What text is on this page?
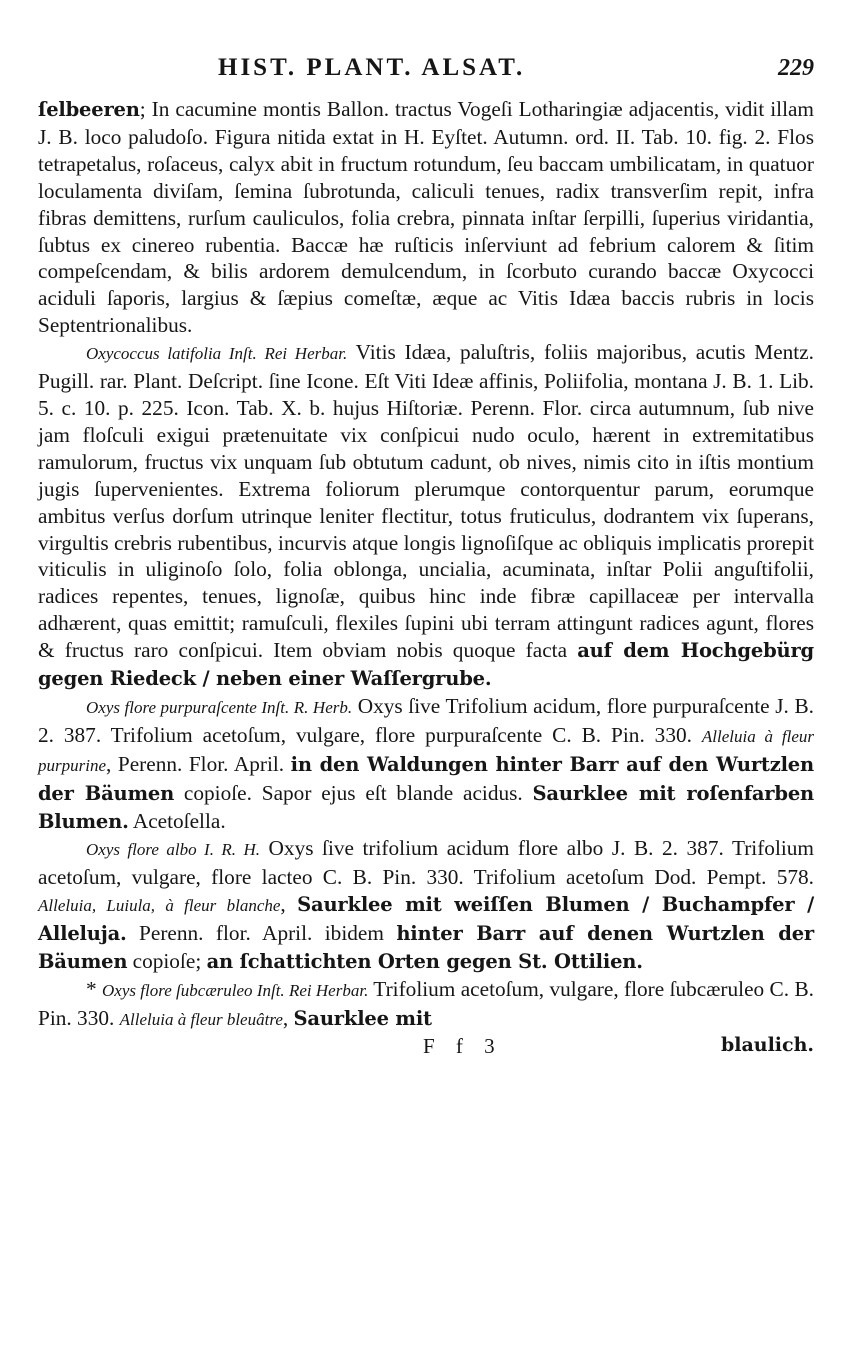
HIST. PLANT. ALSAT.	229

ſelbeeren; In cacumine montis Ballon. tractus Vogeſi Lotharingiæ adjacentis, vidit illam J. B. loco paludoſo. Figura nitida extat in H. Eyſtet. Autumn. ord. II. Tab. 10. fig. 2. Flos tetrapetalus, roſaceus, calyx abit in fructum rotundum, ſeu baccam umbilicatam, in quatuor loculamenta diviſam, ſemina ſubrotunda, caliculi tenues, radix transverſim repit, infra fibras demittens, rurſum cauliculos, folia crebra, pinnata inſtar ſerpilli, ſuperius viridantia, ſubtus ex cinereo rubentia. Baccæ hæ ruſticis inſerviunt ad febrium calorem & ſitim compeſcendam, & bilis ardorem demulcendum, in ſcorbuto curando baccæ Oxycocci aciduli ſaporis, largius & ſæpius comeſtæ, æque ac Vitis Idæa baccis rubris in locis Septentrionalibus.

Oxycoccus latifolia Inſt. Rei Herbar. Vitis Idæa, paluſtris, foliis majoribus, acutis Mentz. Pugill. rar. Plant. Deſcript. ſine Icone. Eſt Viti Ideæ affinis, Poliifolia, montana J. B. 1. Lib. 5. c. 10. p. 225. Icon. Tab. X. b. hujus Hiſtoriæ. Perenn. Flor. circa autumnum, ſub nive jam floſculi exigui prætenuitate vix conſpicui nudo oculo, hærent in extremitatibus ramulorum, fructus vix unquam ſub obtutum cadunt, ob nives, nimis cito in iſtis montium jugis ſupervenientes. Extrema foliorum plerumque contorquentur parum, eorumque ambitus verſus dorſum utrinque leniter flectitur, totus fruticulus, dodrantem vix ſuperans, virgultis crebris rubentibus, incurvis atque longis lignoſiſque ac obliquis implicatis prorepit viticulis in uliginoſo ſolo, folia oblonga, uncialia, acuminata, inſtar Polii anguſtifolii, radices repentes, tenues, lignoſæ, quibus hinc inde fibræ capillaceæ per intervalla adhærent, quas emittit; ramuſculi, flexiles ſupini ubi terram attingunt radices agunt, flores & fructus raro conſpicui. Item obviam nobis quoque facta auf dem Hochgebürg gegen Riedeck / neben einer Waſſergrube.

Oxys flore purpuraſcente Inſt. R. Herb. Oxys ſive Trifolium acidum, flore purpuraſcente J. B. 2. 387. Trifolium acetoſum, vulgare, flore purpuraſcente C. B. Pin. 330. Alleluia à fleur purpurine, Perenn. Flor. April. in den Waldungen hinter Barr auf den Wurtzlen der Bäumen copioſe. Sapor ejus eſt blande acidus. Saurklee mit roſenfarben Blumen. Acetoſella.

Oxys flore albo I. R. H. Oxys ſive trifolium acidum flore albo J. B. 2. 387. Trifolium acetoſum, vulgare, flore lacteo C. B. Pin. 330. Trifolium acetoſum Dod. Pempt. 578. Alleluia, Luiula, à fleur blanche, Saurklee mit weiſſen Blumen / Buchampfer / Alleluja. Perenn. flor. April. ibidem hinter Barr auf denen Wurtzlen der Bäumen copioſe; an ſchattichten Orten gegen St. Ottilien.

* Oxys flore ſubcæruleo Inſt. Rei Herbar. Trifolium acetoſum, vulgare, flore ſubcæruleo C. B. Pin. 330. Alleluia à fleur bleuâtre, Saurklee mit

F f 3	blaulich.
